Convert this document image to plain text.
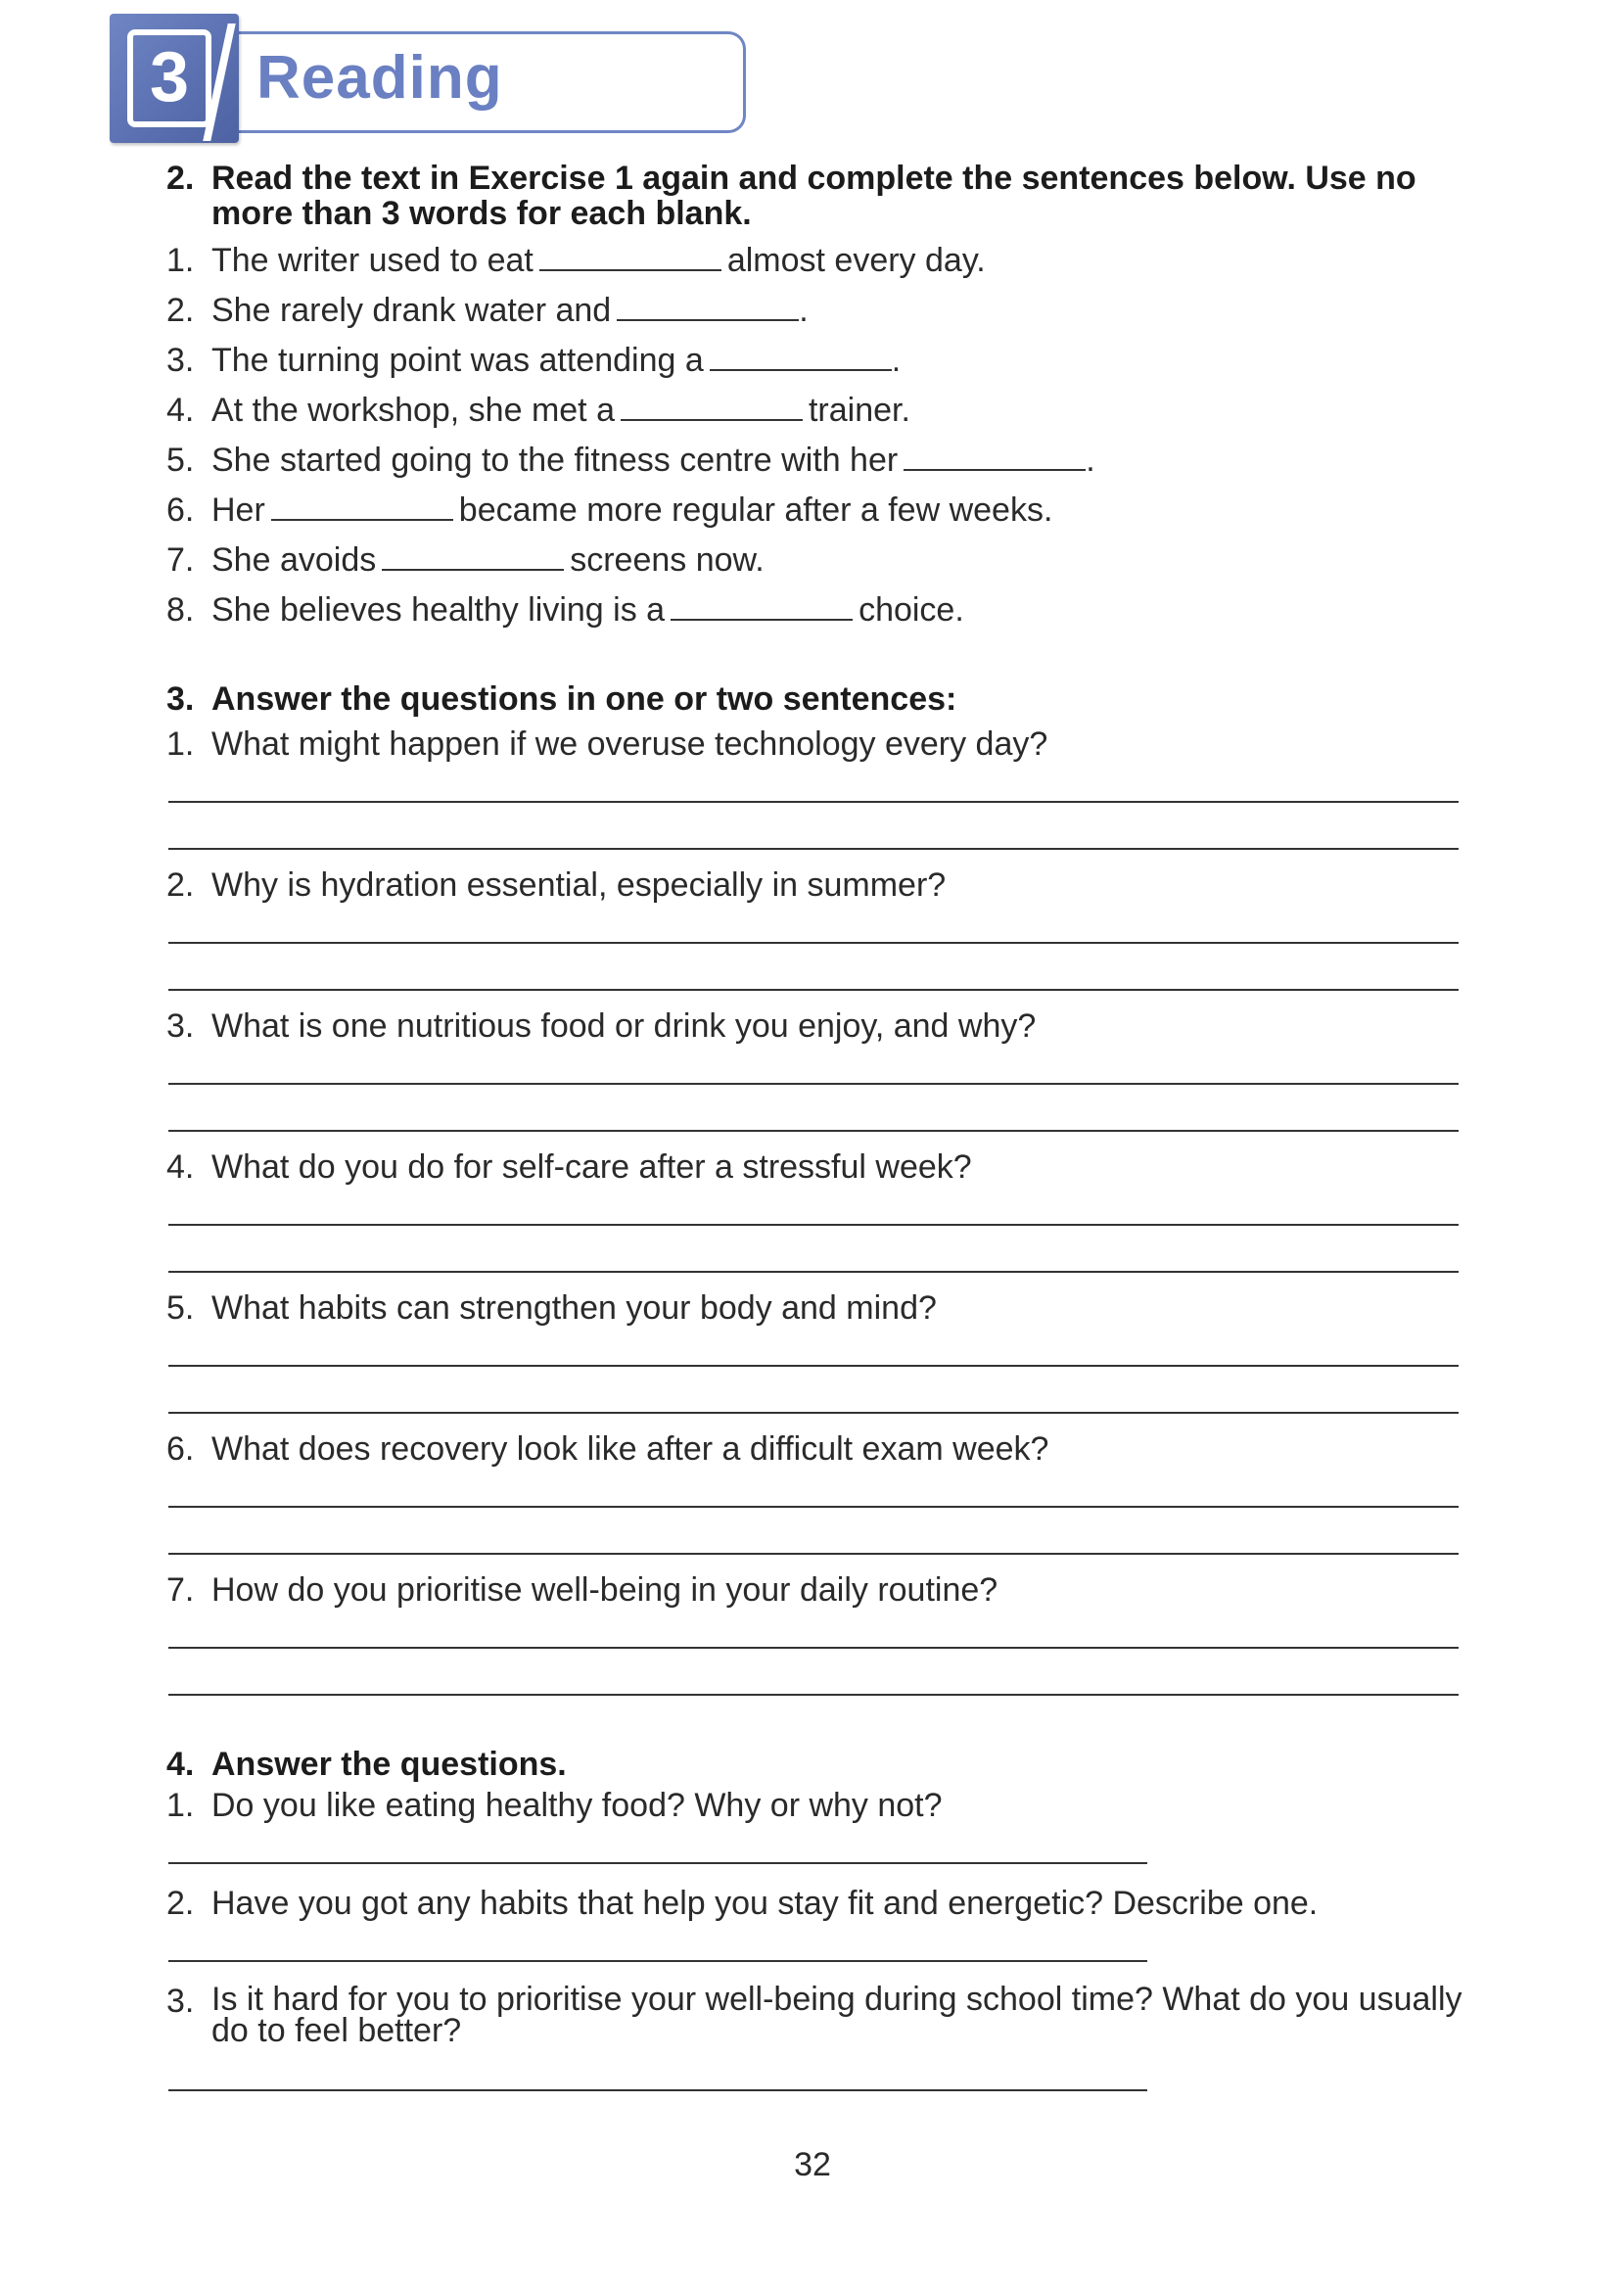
3	Reading
2. Read the text in Exercise 1 again and complete the sentences below. Use no more than 3 words for each blank.
1. The writer used to eat	almost every day.
2. She rarely drank water and	.
3. The turning point was attending a	.
4. At the workshop, she met a	trainer.
5. She started going to the fitness centre with her	.
6. Her	became more regular after a few weeks.
7. She avoids	screens now.
8. She believes healthy living is a	choice.
3. Answer the questions in one or two sentences:
1. What might happen if we overuse technology every day?
2. Why is hydration essential, especially in summer?
3. What is one nutritious food or drink you enjoy, and why?
4. What do you do for self-care after a stressful week?
5. What habits can strengthen your body and mind?
6. What does recovery look like after a difficult exam week?
7. How do you prioritise well-being in your daily routine?
4. Answer the questions.
1. Do you like eating healthy food? Why or why not?
2. Have you got any habits that help you stay fit and energetic? Describe one.
3. Is it hard for you to prioritise your well-being during school time? What do you usually do to feel better?
32
